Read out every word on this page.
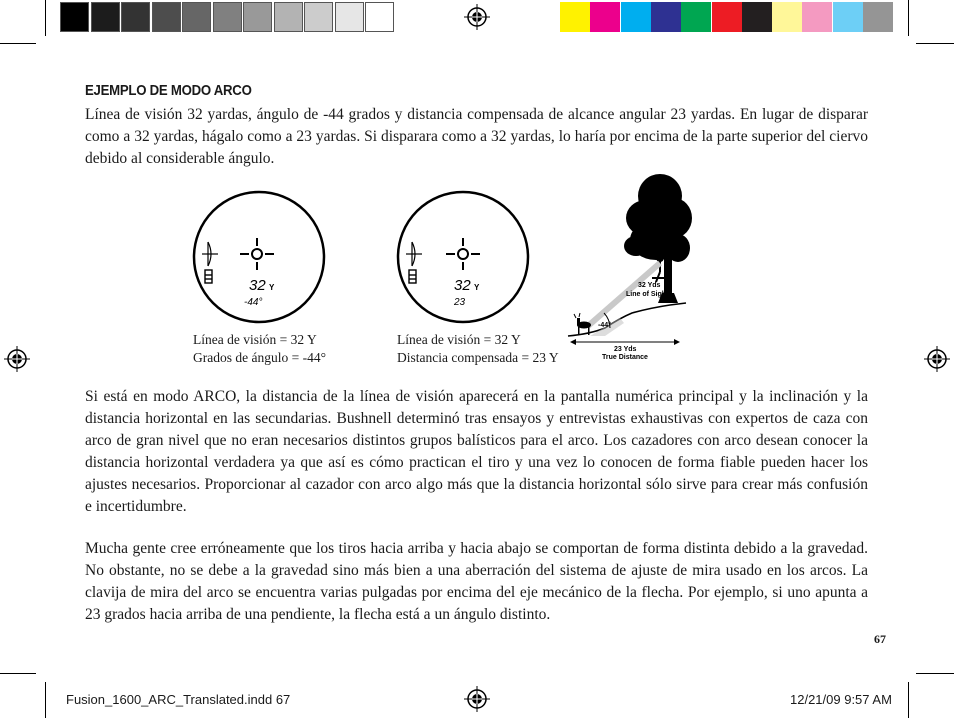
EJEMPLO DE MODO ARCO
Línea de visión 32 yardas, ángulo de -44 grados y distancia compensada de alcance angular 23 yardas. En lugar de disparar como a 32 yardas, hágalo como a 23 yardas. Si disparara como a 32 yardas, lo haría por encima de la parte superior del ciervo debido al considerable ángulo.
32 Y
-44°
32 Y
23
Línea de visión = 32 Y
Grados de ángulo = -44°
Línea de visión = 32 Y
Distancia compensada = 23 Y
32 Yds
Line of Sight
-44°
23 Yds
True Distance
Si está en modo ARCO, la distancia de la línea de visión aparecerá en la pantalla numérica principal y la inclinación y la distancia horizontal en las secundarias. Bushnell determinó tras ensayos y entrevistas exhaustivas con expertos de caza con arco de gran nivel que no eran necesarios distintos grupos balísticos para el arco. Los cazadores con arco desean conocer la distancia horizontal verdadera ya que así es cómo practican el tiro y una vez lo conocen de forma fiable pueden hacer los ajustes necesarios. Proporcionar al cazador con arco algo más que la distancia horizontal sólo sirve para crear más confusión e incertidumbre.
Mucha gente cree erróneamente que los tiros hacia arriba y hacia abajo se comportan de forma distinta debido a la gravedad. No obstante, no se debe a la gravedad sino más bien a una aberración del sistema de ajuste de mira usado en los arcos. La clavija de mira del arco se encuentra varias pulgadas por encima del eje mecánico de la flecha. Por ejemplo, si uno apunta a 23 grados hacia arriba de una pendiente, la flecha está a un ángulo distinto.
67
Fusion_1600_ARC_Translated.indd 67	12/21/09 9:57 AM
